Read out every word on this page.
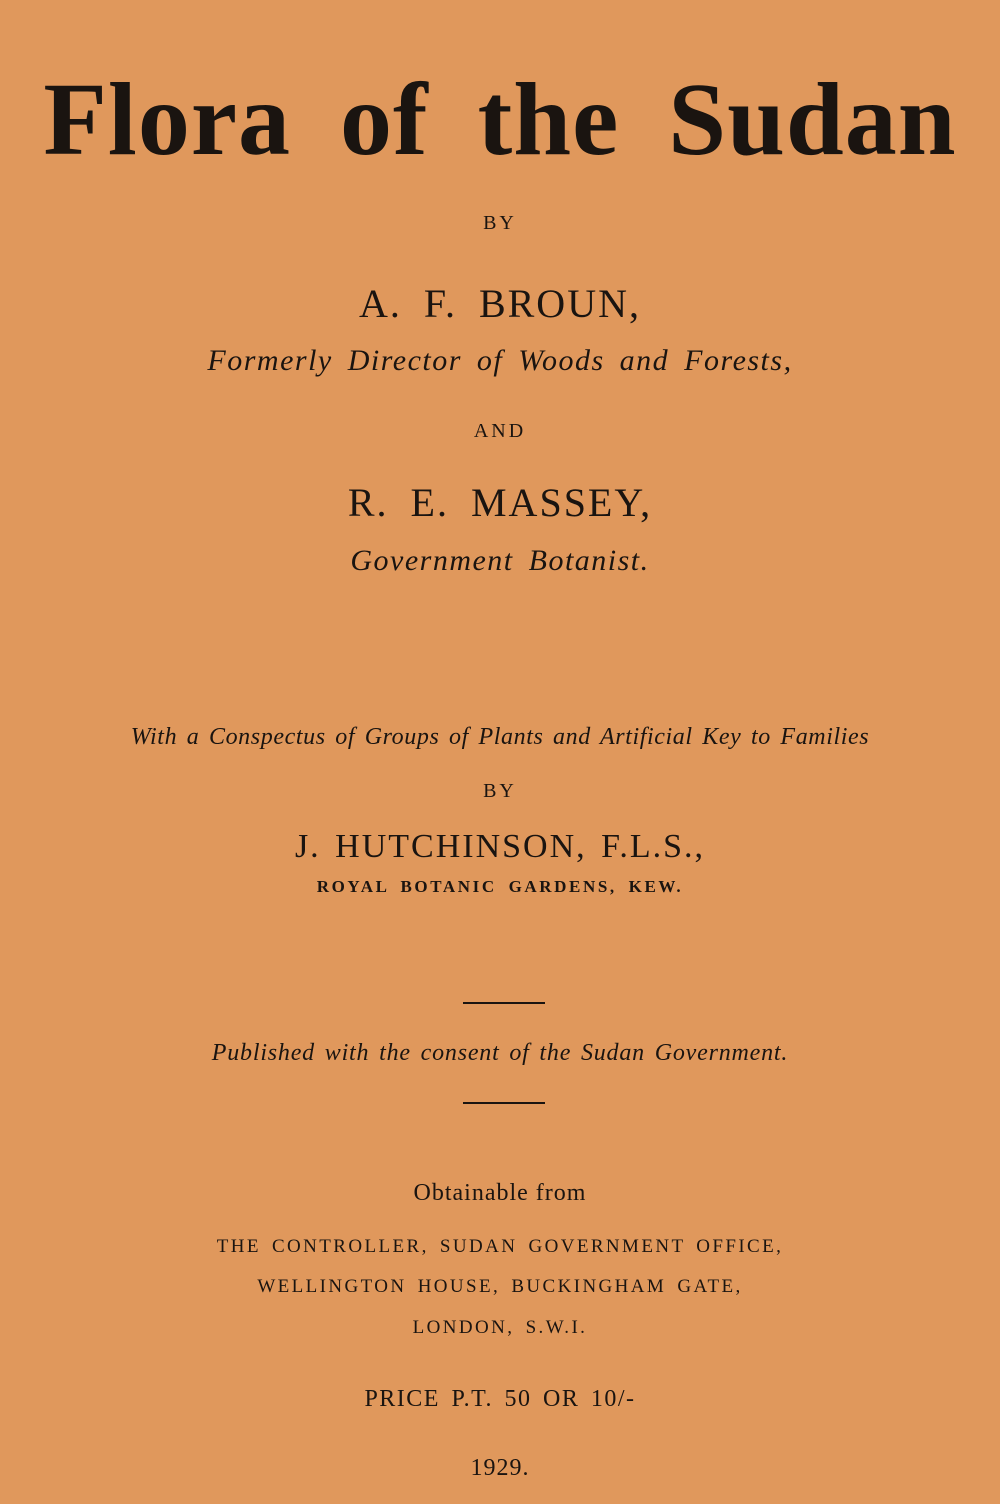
Flora of the Sudan

BY

A. F. BROUN,

Formerly Director of Woods and Forests,

AND

R. E. MASSEY,

Government Botanist.

With a Conspectus of Groups of Plants and Artificial Key to Families

BY

J. HUTCHINSON, F.L.S.,

ROYAL BOTANIC GARDENS, KEW.

Published with the consent of the Sudan Government.

Obtainable from

THE CONTROLLER, SUDAN GOVERNMENT OFFICE,

WELLINGTON HOUSE, BUCKINGHAM GATE,

LONDON, S.W.I.

PRICE P.T. 50 OR 10/-

1929.
